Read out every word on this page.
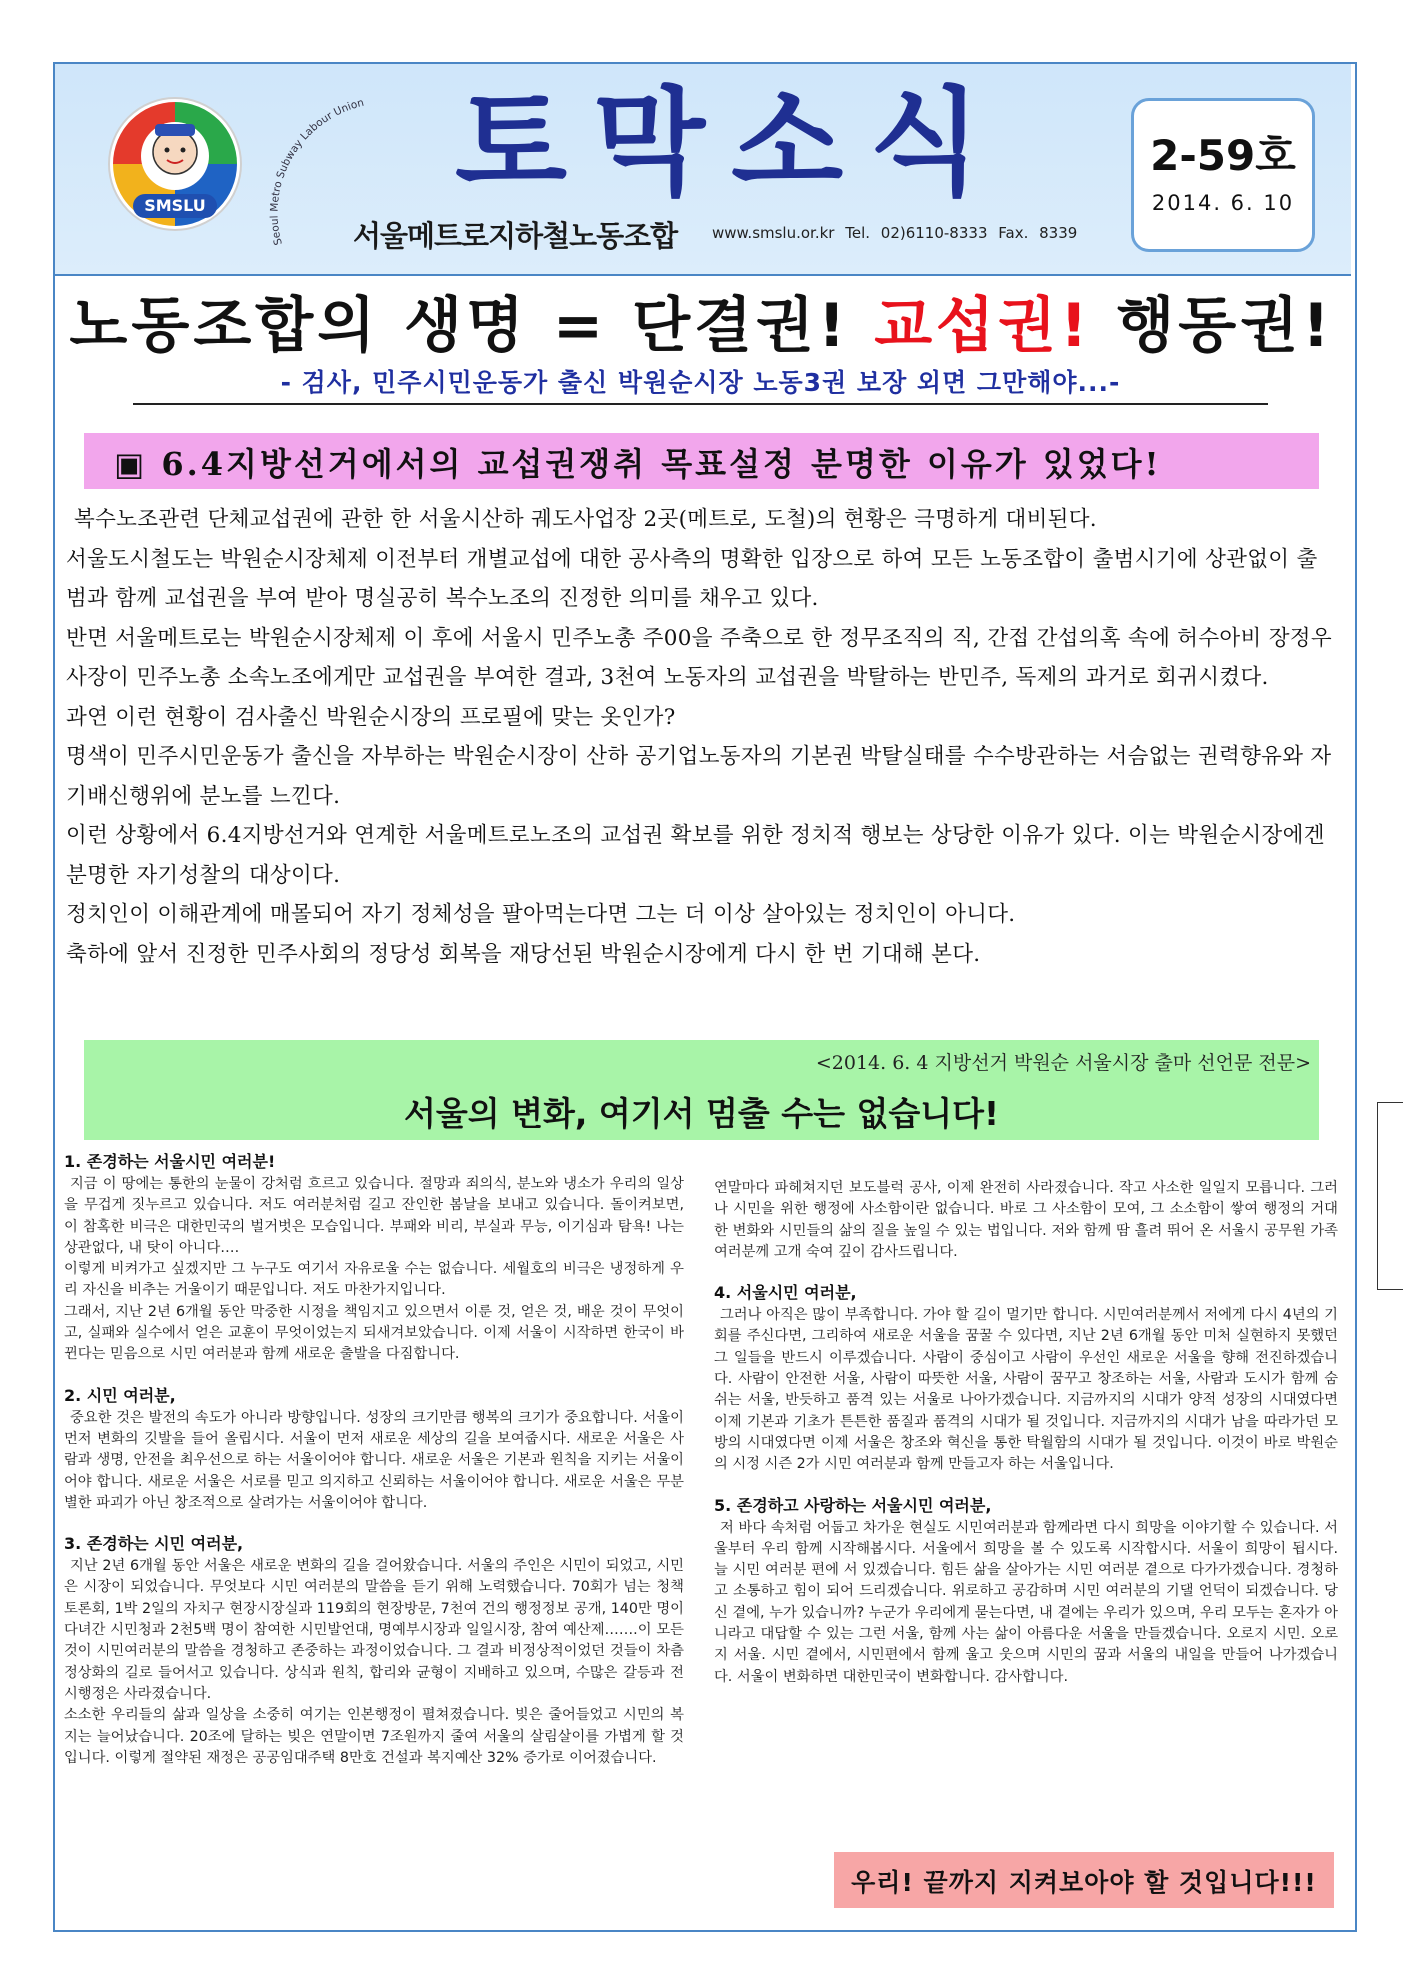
SMSLU
Seoul Metro Subway Labour Union 토막소식
서울메트로지하철노동조합 www.smslu.or.kr Tel. 02)6110-8333 Fax. 8339
2-59호
2014. 6. 10
노동조합의 생명 = 단결권! 교섭권! 행동권!
- 검사, 민주시민운동가 출신 박원순시장 노동3권 보장 외면 그만해야...-
▣ 6.4지방선거에서의 교섭권쟁취 목표설정 분명한 이유가 있었다!

복수노조관련 단체교섭권에 관한 한 서울시산하 궤도사업장 2곳(메트로, 도철)의 현황은 극명하게 대비된다.

서울도시철도는 박원순시장체제 이전부터 개별교섭에 대한 공사측의 명확한 입장으로 하여 모든 노동조합이 출범시기에 상관없이 출범과 함께 교섭권을 부여 받아 명실공히 복수노조의 진정한 의미를 채우고 있다.

반면 서울메트로는 박원순시장체제 이 후에 서울시 민주노총 주00을 주축으로 한 정무조직의 직, 간접 간섭의혹 속에 허수아비 장정우사장이 민주노총 소속노조에게만 교섭권을 부여한 결과, 3천여 노동자의 교섭권을 박탈하는 반민주, 독제의 과거로 회귀시켰다.

과연 이런 현황이 검사출신 박원순시장의 프로필에 맞는 옷인가?

명색이 민주시민운동가 출신을 자부하는 박원순시장이 산하 공기업노동자의 기본권 박탈실태를 수수방관하는 서슴없는 권력향유와 자기배신행위에 분노를 느낀다.

이런 상황에서 6.4지방선거와 연계한 서울메트로노조의 교섭권 확보를 위한 정치적 행보는 상당한 이유가 있다. 이는 박원순시장에겐 분명한 자기성찰의 대상이다.

정치인이 이해관계에 매몰되어 자기 정체성을 팔아먹는다면 그는 더 이상 살아있는 정치인이 아니다.

축하에 앞서 진정한 민주사회의 정당성 회복을 재당선된 박원순시장에게 다시 한 번 기대해 본다.

<2014. 6. 4 지방선거 박원순 서울시장 출마 선언문 전문>
서울의 변화, 여기서 멈출 수는 없습니다!
1. 존경하는 서울시민 여러분!

지금 이 땅에는 통한의 눈물이 강처럼 흐르고 있습니다. 절망과 죄의식, 분노와 냉소가 우리의 일상을 무겁게 짓누르고 있습니다. 저도 여러분처럼 길고 잔인한 봄날을 보내고 있습니다. 돌이켜보면, 이 참혹한 비극은 대한민국의 벌거벗은 모습입니다. 부패와 비리, 부실과 무능, 이기심과 탐욕! 나는 상관없다, 내 탓이 아니다….

이렇게 비켜가고 싶겠지만 그 누구도 여기서 자유로울 수는 없습니다. 세월호의 비극은 냉정하게 우리 자신을 비추는 거울이기 때문입니다. 저도 마찬가지입니다.

그래서, 지난 2년 6개월 동안 막중한 시정을 책임지고 있으면서 이룬 것, 얻은 것, 배운 것이 무엇이고, 실패와 실수에서 얻은 교훈이 무엇이었는지 되새겨보았습니다. 이제 서울이 시작하면 한국이 바뀐다는 믿음으로 시민 여러분과 함께 새로운 출발을 다짐합니다.

2. 시민 여러분,

중요한 것은 발전의 속도가 아니라 방향입니다. 성장의 크기만큼 행복의 크기가 중요합니다. 서울이 먼저 변화의 깃발을 들어 올립시다. 서울이 먼저 새로운 세상의 길을 보여줍시다. 새로운 서울은 사람과 생명, 안전을 최우선으로 하는 서울이어야 합니다. 새로운 서울은 기본과 원칙을 지키는 서울이어야 합니다. 새로운 서울은 서로를 믿고 의지하고 신뢰하는 서울이어야 합니다. 새로운 서울은 무분별한 파괴가 아닌 창조적으로 살려가는 서울이어야 합니다.

3. 존경하는 시민 여러분,

지난 2년 6개월 동안 서울은 새로운 변화의 길을 걸어왔습니다. 서울의 주인은 시민이 되었고, 시민은 시장이 되었습니다. 무엇보다 시민 여러분의 말씀을 듣기 위해 노력했습니다. 70회가 넘는 청책 토론회, 1박 2일의 자치구 현장시장실과 119회의 현장방문, 7천여 건의 행정정보 공개, 140만 명이 다녀간 시민청과 2천5백 명이 참여한 시민발언대, 명예부시장과 일일시장, 참여 예산제…….이 모든 것이 시민여러분의 말씀을 경청하고 존중하는 과정이었습니다. 그 결과 비정상적이었던 것들이 차츰 정상화의 길로 들어서고 있습니다. 상식과 원칙, 합리와 균형이 지배하고 있으며, 수많은 갈등과 전시행정은 사라졌습니다.

소소한 우리들의 삶과 일상을 소중히 여기는 인본행정이 펼쳐졌습니다. 빚은 줄어들었고 시민의 복지는 늘어났습니다. 20조에 달하는 빚은 연말이면 7조원까지 줄여 서울의 살림살이를 가볍게 할 것입니다. 이렇게 절약된 재정은 공공임대주택 8만호 건설과 복지예산 32% 증가로 이어졌습니다.

연말마다 파헤쳐지던 보도블럭 공사, 이제 완전히 사라졌습니다. 작고 사소한 일일지 모릅니다. 그러나 시민을 위한 행정에 사소함이란 없습니다. 바로 그 사소함이 모여, 그 소소함이 쌓여 행정의 거대한 변화와 시민들의 삶의 질을 높일 수 있는 법입니다. 저와 함께 땀 흘려 뛰어 온 서울시 공무원 가족 여러분께 고개 숙여 깊이 감사드립니다.

4. 서울시민 여러분,

그러나 아직은 많이 부족합니다. 가야 할 길이 멀기만 합니다. 시민여러분께서 저에게 다시 4년의 기회를 주신다면, 그리하여 새로운 서울을 꿈꿀 수 있다면, 지난 2년 6개월 동안 미처 실현하지 못했던 그 일들을 반드시 이루겠습니다. 사람이 중심이고 사람이 우선인 새로운 서울을 향해 전진하겠습니다. 사람이 안전한 서울, 사람이 따뜻한 서울, 사람이 꿈꾸고 창조하는 서울, 사람과 도시가 함께 숨 쉬는 서울, 반듯하고 품격 있는 서울로 나아가겠습니다. 지금까지의 시대가 양적 성장의 시대였다면 이제 기본과 기초가 튼튼한 품질과 품격의 시대가 될 것입니다. 지금까지의 시대가 남을 따라가던 모방의 시대였다면 이제 서울은 창조와 혁신을 통한 탁월함의 시대가 될 것입니다. 이것이 바로 박원순의 시정 시즌 2가 시민 여러분과 함께 만들고자 하는 서울입니다.

5. 존경하고 사랑하는 서울시민 여러분,

저 바다 속처럼 어둡고 차가운 현실도 시민여러분과 함께라면 다시 희망을 이야기할 수 있습니다. 서울부터 우리 함께 시작해봅시다. 서울에서 희망을 볼 수 있도록 시작합시다. 서울이 희망이 됩시다. 늘 시민 여러분 편에 서 있겠습니다. 힘든 삶을 살아가는 시민 여러분 곁으로 다가가겠습니다. 경청하고 소통하고 힘이 되어 드리겠습니다. 위로하고 공감하며 시민 여러분의 기댈 언덕이 되겠습니다. 당신 곁에, 누가 있습니까? 누군가 우리에게 묻는다면, 내 곁에는 우리가 있으며, 우리 모두는 혼자가 아니라고 대답할 수 있는 그런 서울, 함께 사는 삶이 아름다운 서울을 만들겠습니다. 오로지 시민. 오로지 서울. 시민 곁에서, 시민편에서 함께 울고 웃으며 시민의 꿈과 서울의 내일을 만들어 나가겠습니다. 서울이 변화하면 대한민국이 변화합니다. 감사합니다.

우리! 끝까지 지켜보아야 할 것입니다!!!
